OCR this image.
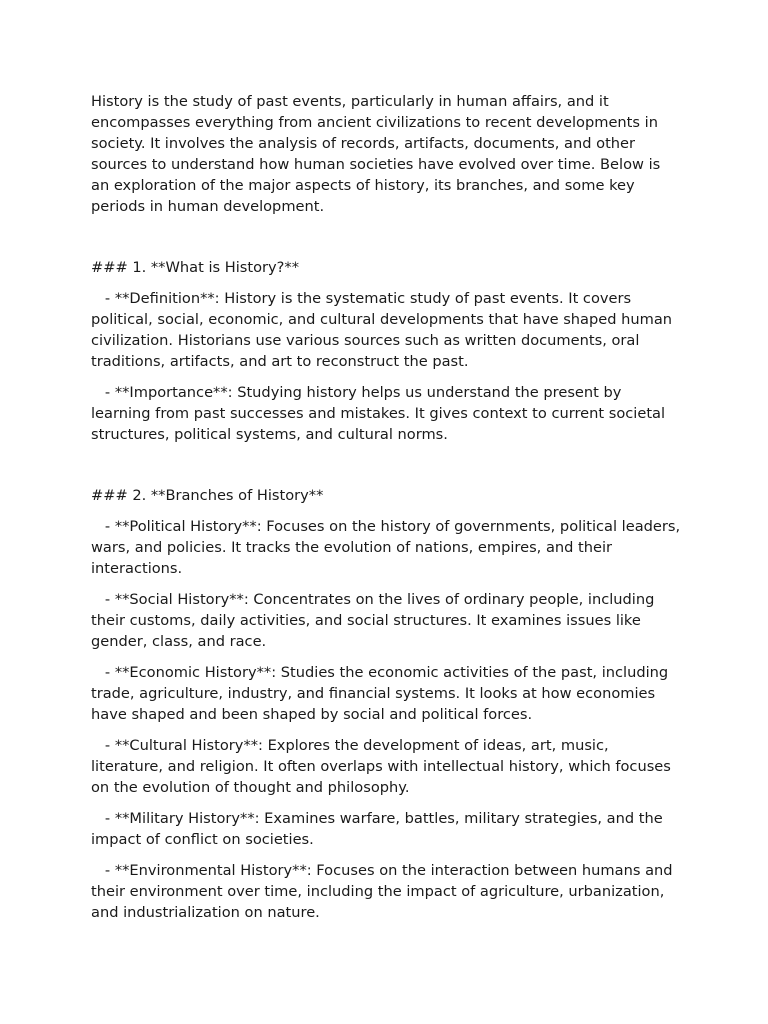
History is the study of past events, particularly in human affairs, and it encompasses everything from ancient civilizations to recent developments in society. It involves the analysis of records, artifacts, documents, and other sources to understand how human societies have evolved over time. Below is an exploration of the major aspects of history, its branches, and some key periods in human development.

### 1. **What is History?**

- **Definition**: History is the systematic study of past events. It covers political, social, economic, and cultural developments that have shaped human civilization. Historians use various sources such as written documents, oral traditions, artifacts, and art to reconstruct the past.

- **Importance**: Studying history helps us understand the present by learning from past successes and mistakes. It gives context to current societal structures, political systems, and cultural norms.

### 2. **Branches of History**

- **Political History**: Focuses on the history of governments, political leaders, wars, and policies. It tracks the evolution of nations, empires, and their interactions.

- **Social History**: Concentrates on the lives of ordinary people, including their customs, daily activities, and social structures. It examines issues like gender, class, and race.

- **Economic History**: Studies the economic activities of the past, including trade, agriculture, industry, and financial systems. It looks at how economies have shaped and been shaped by social and political forces.

- **Cultural History**: Explores the development of ideas, art, music, literature, and religion. It often overlaps with intellectual history, which focuses on the evolution of thought and philosophy.

- **Military History**: Examines warfare, battles, military strategies, and the impact of conflict on societies.

- **Environmental History**: Focuses on the interaction between humans and their environment over time, including the impact of agriculture, urbanization, and industrialization on nature.
